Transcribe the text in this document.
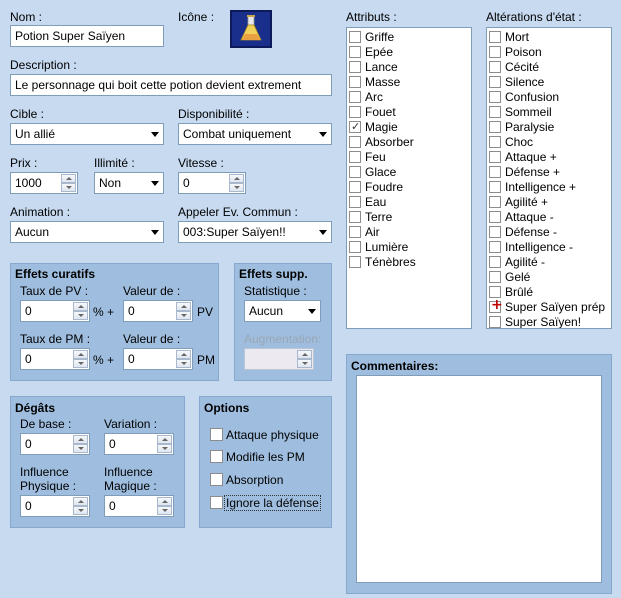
Nom :
Potion Super Saïyen
Icône :
Description :
Le personnage qui boit cette potion devient extrement
Cible :
Un allié
Disponibilité :
Combat uniquement
Prix :
1000
Illimité :
Non
Vitesse :
0
Animation :
Aucun
Appeler Ev. Commun :
003:Super Saïyen!!
Effets curatifs
Taux de PV :
0	% +
Valeur de :
0	PV
Taux de PM :
0	% +
Valeur de :
0	PM
Effets supp.
Statistique :
Aucun
Augmentation:
Dégâts
De base :
0
Variation :
0
Influence
Physique :
0
Influence
Magique :
0
Options
Attaque physique
Modifie les PM
Absorption
Ignore la défense
Attributs :
Griffe
Epée
Lance
Masse
Arc
Fouet
✓
Magie
Absorber
Feu
Glace
Foudre
Eau
Terre
Air
Lumière
Ténèbres
Altérations d'état :
Mort
Poison
Cécité
Silence
Confusion
Sommeil
Paralysie
Choc
Attaque +
Défense +
Intelligence +
Agilité +
Attaque -
Défense -
Intelligence -
Agilité -
Gelé
Brûlé
+
Super Saïyen prép
Super Saïyen!
Commentaires:
